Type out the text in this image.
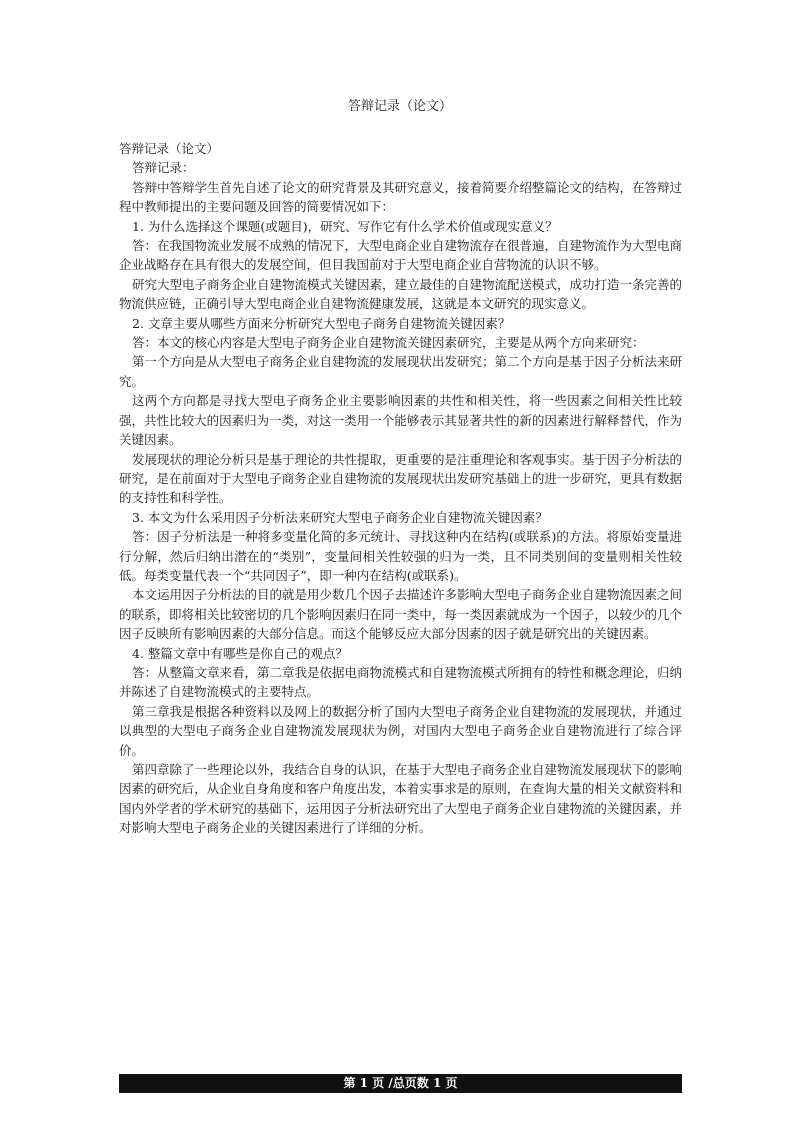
答辩记录（论文）

答辩记录（论文）

答辩记录：

答辩中答辩学生首先自述了论文的研究背景及其研究意义，接着简要介绍整篇论文的结构，在答辩过程中教师提出的主要问题及回答的简要情况如下：

1. 为什么选择这个课题(或题目)，研究、写作它有什么学术价值或现实意义？

答：在我国物流业发展不成熟的情况下，大型电商企业自建物流存在很普遍，自建物流作为大型电商企业战略存在具有很大的发展空间，但目我国前对于大型电商企业自营物流的认识不够。

研究大型电子商务企业自建物流模式关键因素，建立最佳的自建物流配送模式，成功打造一条完善的物流供应链，正确引导大型电商企业自建物流健康发展，这就是本文研究的现实意义。

2. 文章主要从哪些方面来分析研究大型电子商务自建物流关键因素？

答：本文的核心内容是大型电子商务企业自建物流关键因素研究，主要是从两个方向来研究：

第一个方向是从大型电子商务企业自建物流的发展现状出发研究；第二个方向是基于因子分析法来研究。

这两个方向都是寻找大型电子商务企业主要影响因素的共性和相关性，将一些因素之间相关性比较强，共性比较大的因素归为一类，对这一类用一个能够表示其显著共性的新的因素进行解释替代，作为关键因素。

发展现状的理论分析只是基于理论的共性提取，更重要的是注重理论和客观事实。基于因子分析法的研究，是在前面对于大型电子商务企业自建物流的发展现状出发研究基础上的进一步研究，更具有数据的支持性和科学性。

3. 本文为什么采用因子分析法来研究大型电子商务企业自建物流关键因素？

答：因子分析法是一种将多变量化简的多元统计、寻找这种内在结构(或联系)的方法。将原始变量进行分解，然后归纳出潜在的“类别”，变量间相关性较强的归为一类，且不同类别间的变量则相关性较低。每类变量代表一个“共同因子”，即一种内在结构(或联系)。

本文运用因子分析法的目的就是用少数几个因子去描述许多影响大型电子商务企业自建物流因素之间的联系，即将相关比较密切的几个影响因素归在同一类中，每一类因素就成为一个因子，以较少的几个因子反映所有影响因素的大部分信息。而这个能够反应大部分因素的因子就是研究出的关键因素。

4. 整篇文章中有哪些是你自己的观点？

答：从整篇文章来看，第二章我是依据电商物流模式和自建物流模式所拥有的特性和概念理论，归纳并陈述了自建物流模式的主要特点。

第三章我是根据各种资料以及网上的数据分析了国内大型电子商务企业自建物流的发展现状，并通过以典型的大型电子商务企业自建物流发展现状为例，对国内大型电子商务企业自建物流进行了综合评价。

第四章除了一些理论以外，我结合自身的认识，在基于大型电子商务企业自建物流发展现状下的影响因素的研究后，从企业自身角度和客户角度出发，本着实事求是的原则，在查询大量的相关文献资料和国内外学者的学术研究的基础下，运用因子分析法研究出了大型电子商务企业自建物流的关键因素，并对影响大型电子商务企业的关键因素进行了详细的分析。

第 1 页 /总页数 1 页
